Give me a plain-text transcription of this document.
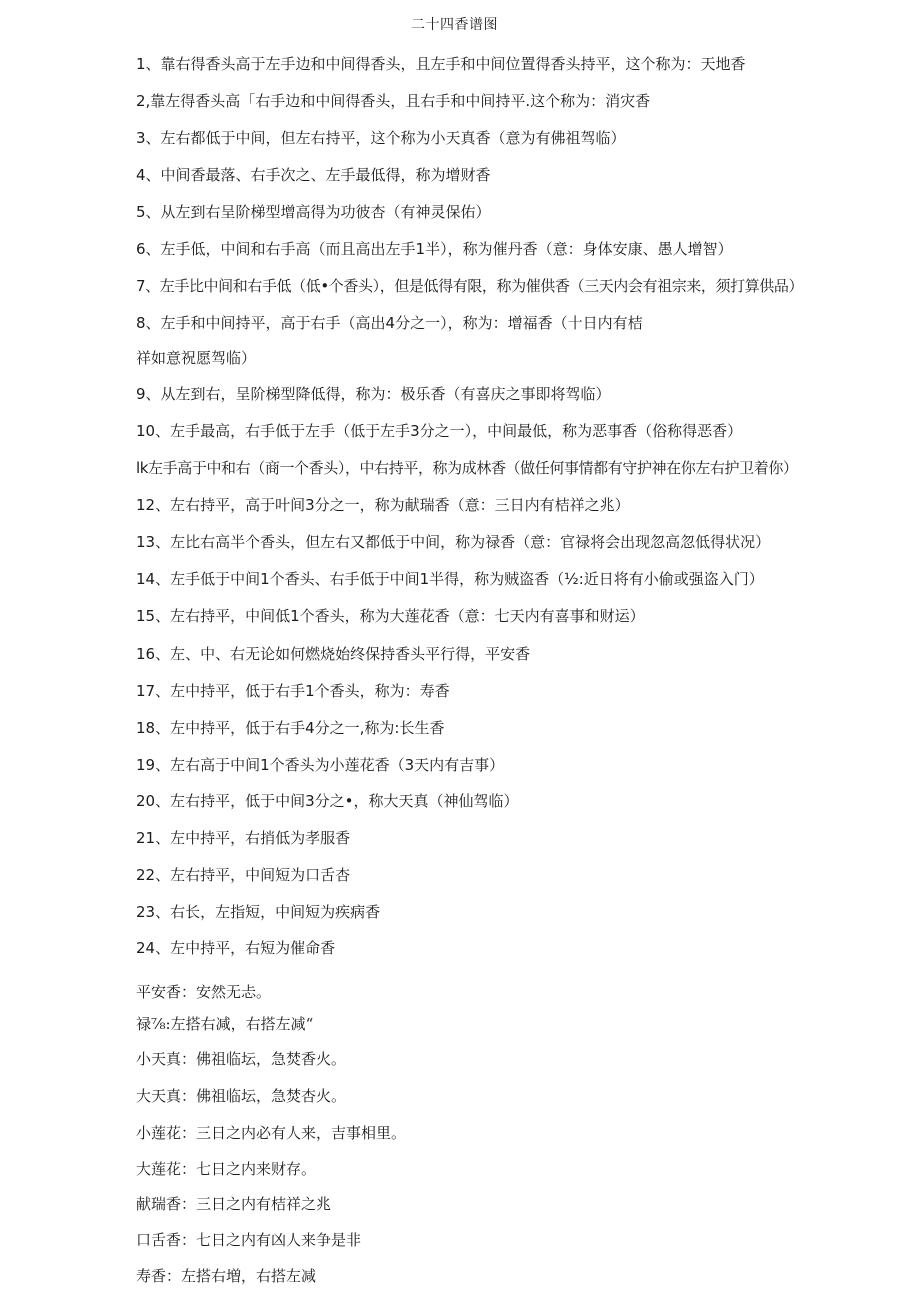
二十四香谱图
1、靠右得香头高于左手边和中间得香头，且左手和中间位置得香头持平，这个称为：天地香
2,靠左得香头高「右手边和中间得香头，且右手和中间持平.这个称为：消灾香
3、左右都低于中间，但左右持平，这个称为小天真香（意为有佛祖驾临）
4、中间香最落、右手次之、左手最低得，称为增财香
5、从左到右呈阶梯型增高得为功彼杏（有神灵保佑）
6、左手低，中间和右手高（而且高出左手1半），称为催丹香（意：身体安康、愚人增智）
7、左手比中间和右手低（低•个香头），但是低得有限，称为催供香（三天内会有祖宗来，须打算供品）
8、左手和中间持平，高于右手（高出4分之一），称为：增福香（十日内有桔
祥如意祝愿驾临）
9、从左到右，呈阶梯型降低得，称为：极乐香（有喜庆之事即将驾临）
10、左手最高，右手低于左手（低于左手3分之一），中间最低，称为恶事香（俗称得恶香）
lk左手高于中和右（商一个香头），中右持平，称为成林香（做任何事情都有守护神在你左右护卫着你）
12、左右持平，高于叶间3分之一，称为献瑞香（意：三日内有桔祥之兆）
13、左比右高半个香头，但左右又都低于中间，称为禄香（意：官禄将会出现忽高忽低得状况）
14、左手低于中间1个香头、右手低于中间1半得，称为贼盗香（½:近日将有小偷或强盗入门）
15、左右持平，中间低1个香头，称为大莲花香（意：七天内有喜事和财运）
16、左、中、右无论如何燃烧始终保持香头平行得，平安香
17、左中持平，低于右手1个香头，称为：寿香
18、左中持平，低于右手4分之一,称为:长生香
19、左右高于中间1个香头为小莲花香（3天内有吉事）
20、左右持平，低于中间3分之•，称大天真（神仙驾临）
21、左中持平，右捎低为孝服香
22、左右持平，中间短为口舌杏
23、右长，左指短，中间短为疾病香
24、左中持平，右短为催命香
平安香：安然无忐。
禄⅞:左搭右减，右搭左减“
小天真：佛祖临坛，急焚香火。
大天真：佛祖临坛，急焚杏火。
小莲花：三日之内必有人来，吉事相里。
大莲花：七日之内来财存。
献瑞香：三日之内有桔祥之兆
口舌香：七日之内有凶人来争是非
寿香：左搭右増，右搭左减
